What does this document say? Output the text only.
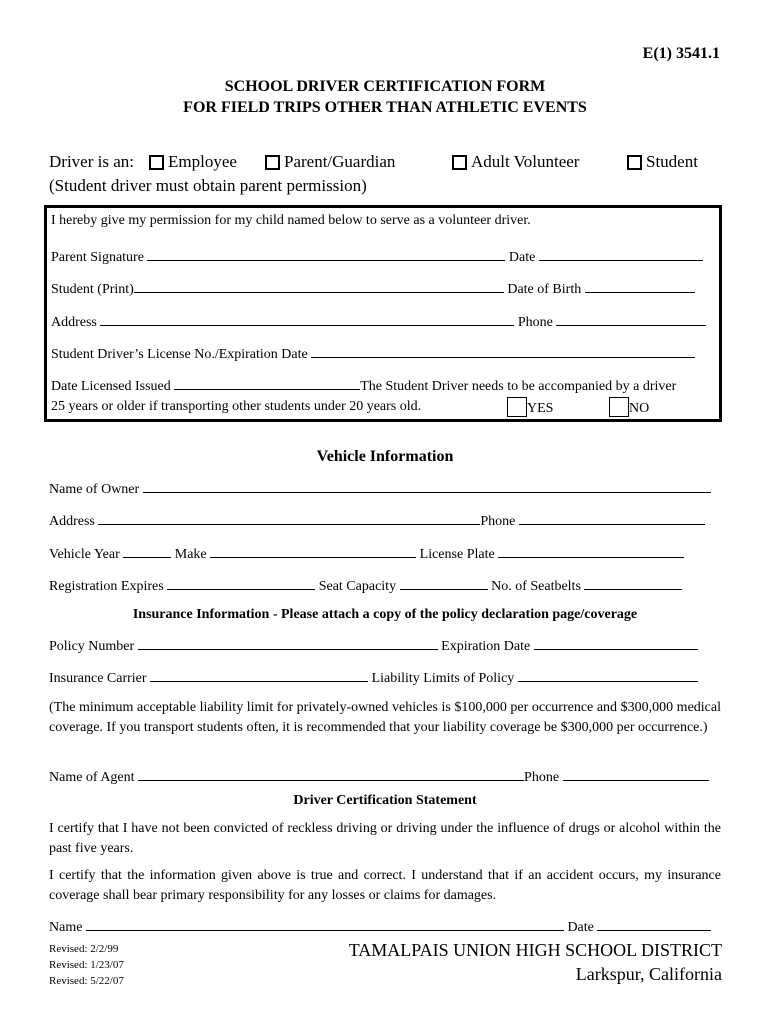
E(1) 3541.1
SCHOOL DRIVER CERTIFICATION FORM
FOR FIELD TRIPS OTHER THAN ATHLETIC EVENTS
Driver is an: Employee	Parent/Guardian	Adult Volunteer	Student
(Student driver must obtain parent permission)
I hereby give my permission for my child named below to serve as a volunteer driver.
Parent Signature	Date
Student (Print)	Date of Birth
Address	Phone
Student Driver’s License No./Expiration Date
Date Licensed Issued	The Student Driver needs to be accompanied by a driver
25 years or older if transporting other students under 20 years old.	YES	NO
Vehicle Information
Name of Owner
Address	Phone
Vehicle Year	Make	License Plate
Registration Expires	Seat Capacity	No. of Seatbelts
Insurance Information - Please attach a copy of the policy declaration page/coverage
Policy Number	Expiration Date
Insurance Carrier	Liability Limits of Policy
(The minimum acceptable liability limit for privately-owned vehicles is $100,000 per occurrence and $300,000 medical coverage. If you transport students often, it is recommended that your liability coverage be $300,000 per occurrence.)
Name of Agent	Phone
Driver Certification Statement
I certify that I have not been convicted of reckless driving or driving under the influence of drugs or alcohol within the past five years.
I certify that the information given above is true and correct. I understand that if an accident occurs, my insurance coverage shall bear primary responsibility for any losses or claims for damages.
Name	Date
Revised: 2/2/99
Revised: 1/23/07
Revised: 5/22/07
TAMALPAIS UNION HIGH SCHOOL DISTRICT
Larkspur, California
